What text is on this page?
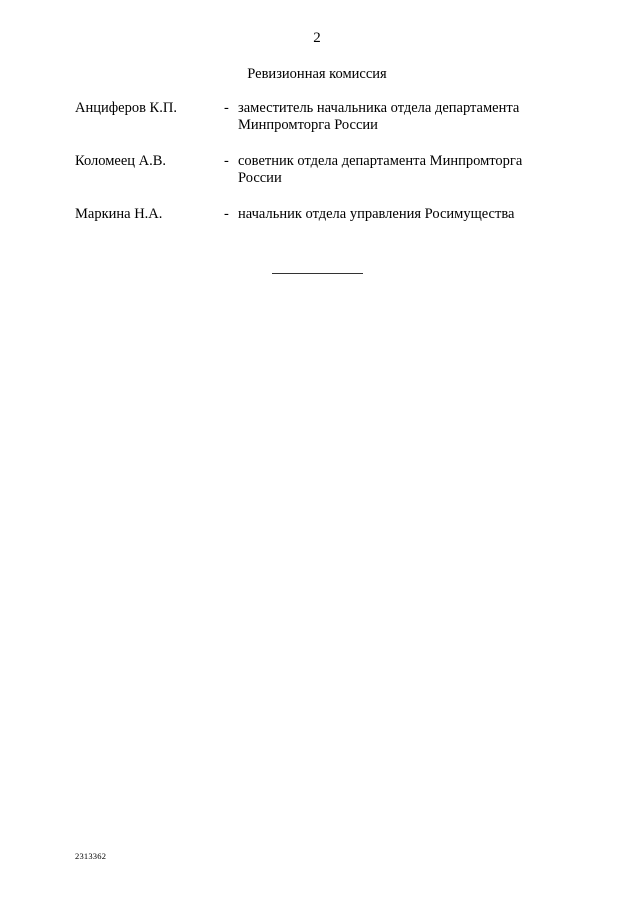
2
Ревизионная комиссия
Анциферов К.П.	- заместитель начальника отдела департамента
Минпромторга России
Коломеец А.В.	- советник отдела департамента Минпромторга
России
Маркина Н.А.	- начальник отдела управления Росимущества
2313362
